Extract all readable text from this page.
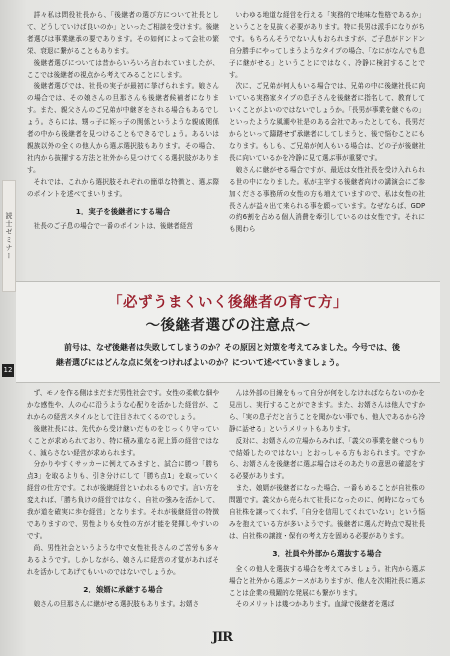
読士ゼミナー
12

詳々私は問役社長から、「後継者の選び方について社長として、どうしていけば良いのか」といったご相談を受けます。後継者選びは事業継承の要であります。その如何によって会社の繁栄、衰退に繋がることもあります。

後継者選びについては昔からいろいろ言われていましたが、ここでは後継者の視点から考えてみることにします。

後継者選びでは、社長の実子が最初に挙げられます。娘さんの場合では、その娘さんの旦那さんも後継者候補者になります。また、親父さんのご兄弟が中継ぎをされる場合もあるでしょう。さらには、甥っ子に姪っ子の関係というような親戚関係者の中から後継者を見つけることもできるでしょう。あるいは親族以外の全くの他人から選ぶ選択肢もあります。その場合、社内から抜擢する方法と社外から見つけてくる選択肢があります。

それでは、これから選択肢それぞれの簡単な特徴と、選ぶ際のポイントを述べてまいります。

1．実子を後継者にする場合

社長のご子息の場合で一番のポイントは、後継者経営

いわゆる地道な経営を行える「実務的で地味な性格であるか」ということを見抜く必要があります。特に長男は派手になりがちです。もちろんそうでない人もおられますが、ご子息がドンドン自分勝手にやってしまうようなタイプの場合、「なにがなんでも息子に継がせる」ということにではなく、冷静に検討することです。

次に、ご兄弟が何人もいる場合では、兄弟の中に後継社長に向いている実務家タイプの息子さんを後継者に指名して、教育していくことがよいのではないでしょうか。「長男が事業を継ぐもの」といったような風潮や社是のある会社であったとしても、長男だからといって躊躇せず承継者にしてしまうと、後で悩むことにもなります。もしも、ご兄弟が何人もいる場合は、どの子が後継社長に向いているかを冷静に見て選ぶ事が重要です。

娘さんに継がせる場合ですが、最近は女性社長を受け入れられる世の中になりました。私が主宰する後継者向けの講演会にご参加くださる事務所の女性の方も増えていますので、私は女性の社長さんが益々出て来られる事を願っています。なぜならば、GDPの約6割を占める個人消費を牽引しているのは女性です。それにも関わら

「必ずうまくいく後継者の育て方」
～後継者選びの注意点～
前号は、なぜ後継者は失敗してしまうのか？その原因と対策を考えてみました。今号では、後継者選びにはどんな点に気をつければよいのか？について述べていきましょう。

ず、モノを作る側はまだまだ男性社会です。女性の柔軟な細やかな感性や、人の心に沿うような心配りを活かした経営が、これからの経営スタイルとして注目されてくるのでしょう。

後継社長には、先代から受け継いだものをじっくり守っていくことが求められており、特に積み重なる泥上算の経営ではなく、減らさない経営が求められます。

分かりやすくサッカーに例えてみますと、試合に勝つ「勝ち点3」を取るよりも、引き分けにして「勝ち点1」を取っていく経営の仕方です。これが後継経営といわれるものです。言い方を変えれば、「勝ち負けの経営ではなく、自社の強みを活かして、我が道を確実に歩む経営」となります。それが後継経営の特徴でありますので、男性よりも女性の方が才能を発揮しやすいのです。

尚、男性社会というような中で女性社長さんのご苦労も多々あるようです。しかしながら、娘さんに経営の才覚があればそれを活かしてあげてもいいのではないでしょうか。

2．娘婿に承継する場合

娘さんの旦那さんに継がせる選択肢もあります。お婿さ

んは外部の目線をもって自分が何をしなければならないのかを見出し、実行することができます。また、お婿さんは他人ですから、「実の息子だと言うことを聞かない事でも、他人であるから冷静に話せる」というメリットもあります。

反対に、お婿さんの立場からみれば、「義父の事業を継ぐつもりで結婚したのではない」とおっしゃる方もおられます。ですから、お婿さんを後継者に選ぶ場合はそのあたりの意思の確認をする必要があります。

また、娘婿が後継者になった場合、一番もめることが自社株の問題です。義父から売られて社長になったのに、何時になっても自社株を譲ってくれず、「自分を信用してくれていない」という悩みを抱えている方が多いようです。後継者に選んだ時点で現社長は、自社株の譲渡・保有の考え方を固める必要があります。

3．社員や外部から選抜する場合

全くの他人を選抜する場合を考えてみましょう。社内から選ぶ場合と社外から選ぶケースがありますが、他人を次期社長に選ぶことは企業の飛躍的な発展にも繋がります。

そのメリットは幾つかあります。血縁で後継者を選ば

JIR
